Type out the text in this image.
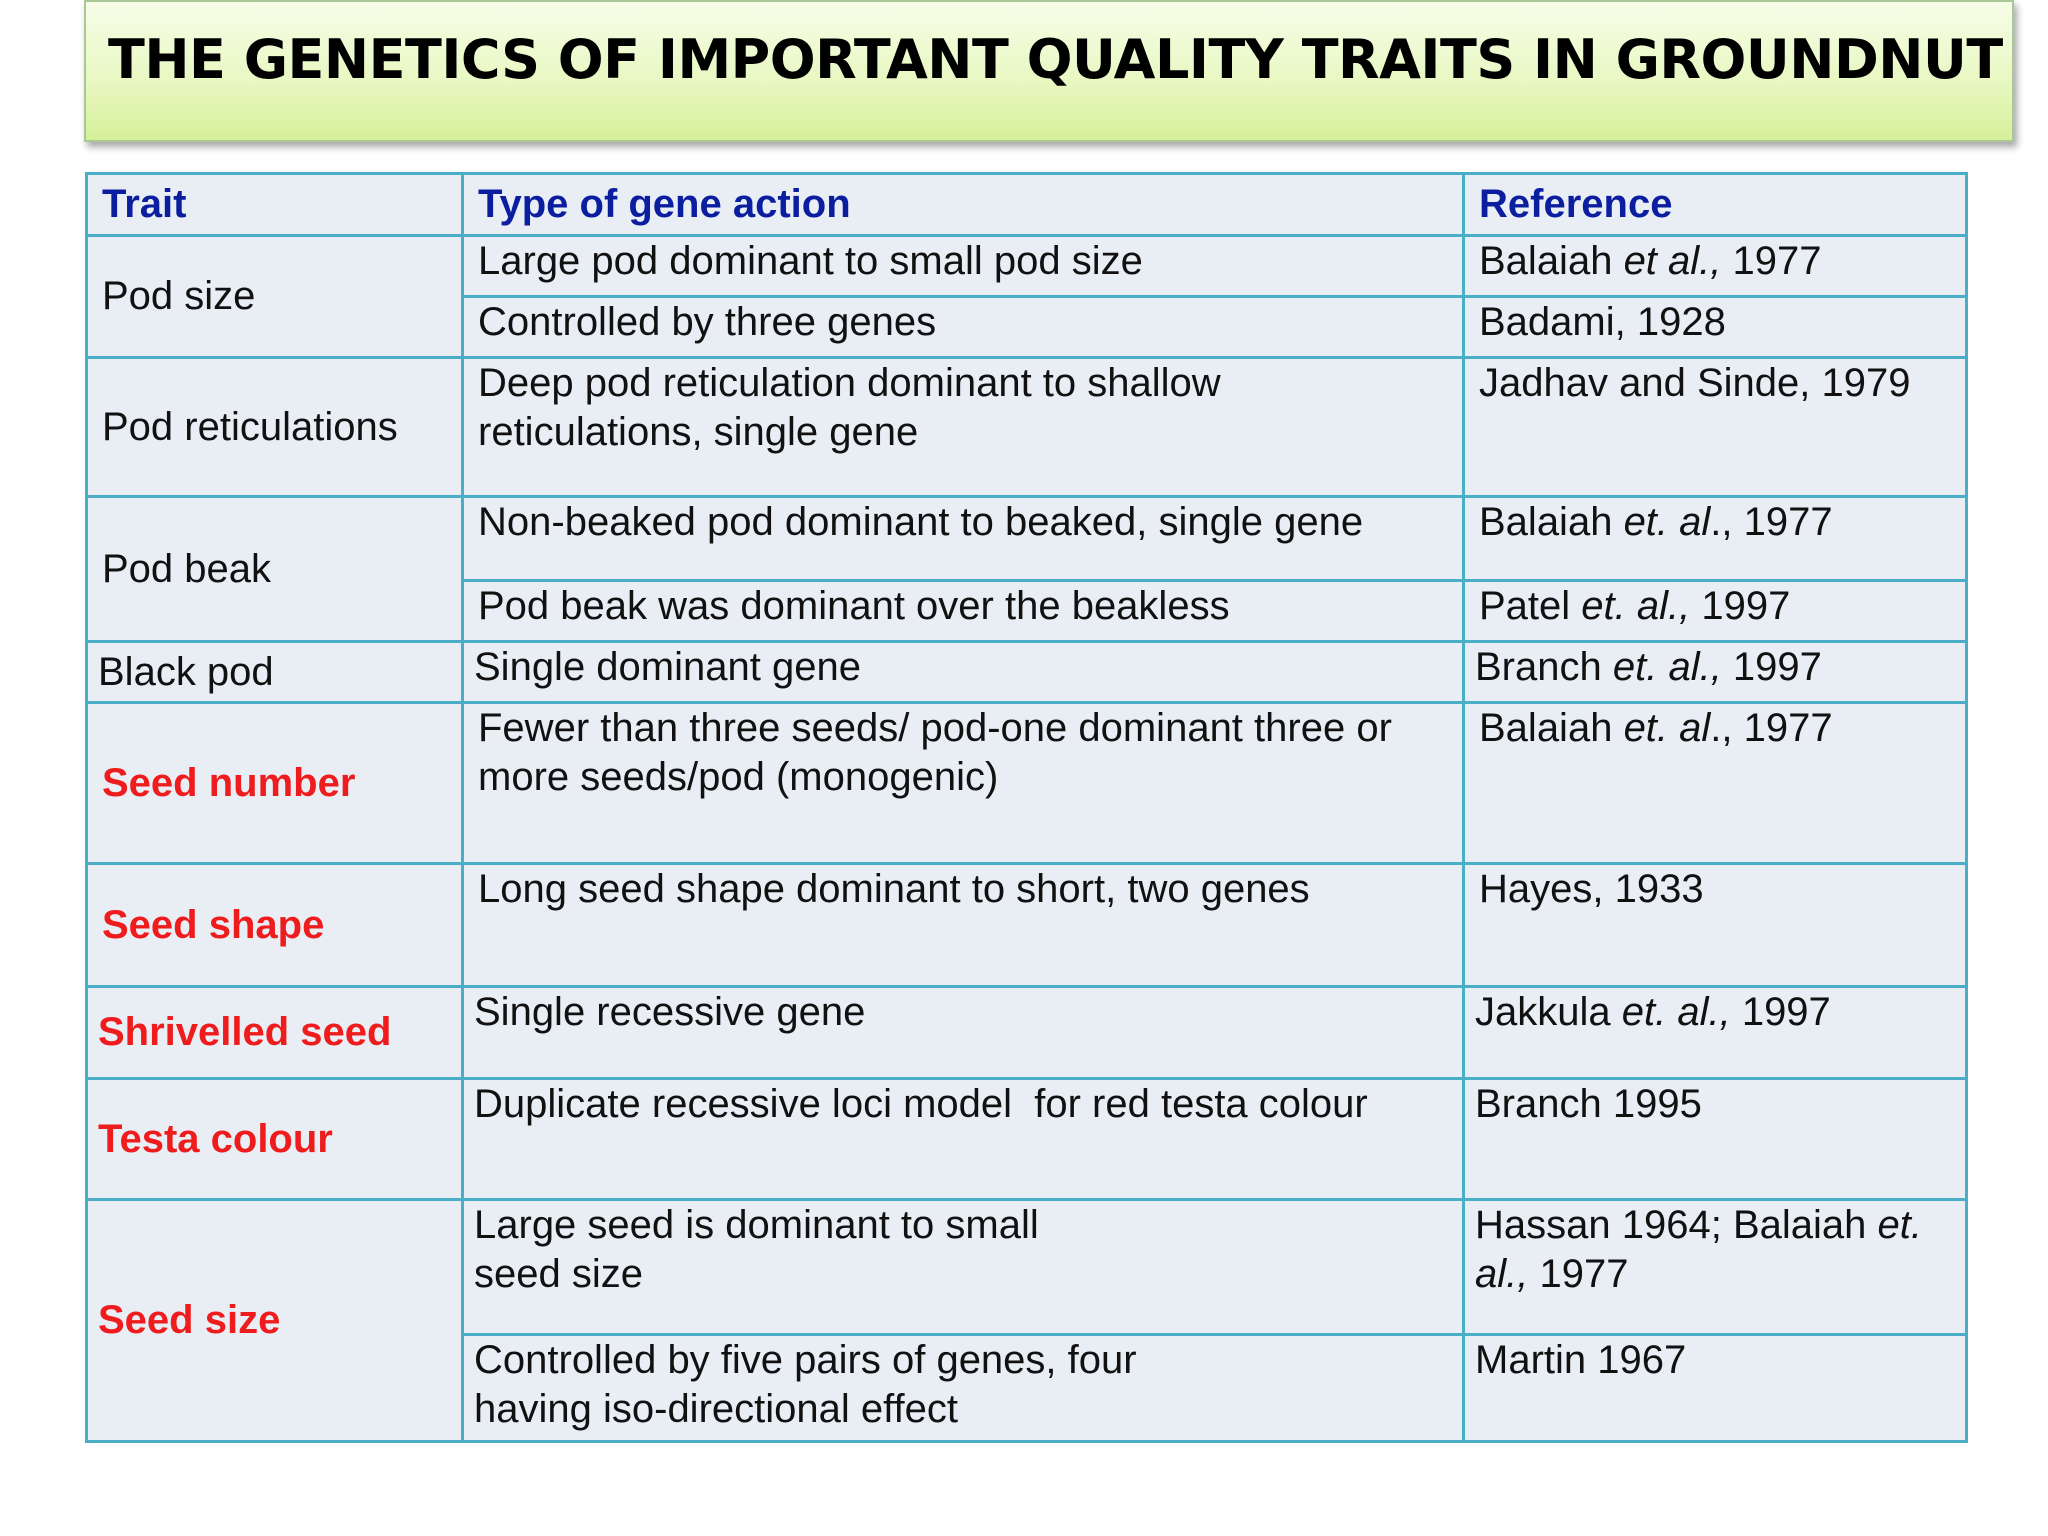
THE GENETICS OF IMPORTANT QUALITY TRAITS IN GROUNDNUT
Trait	Type of gene action	Reference
Pod size	Large pod dominant to small pod size	Balaiah et al., 1977
	Controlled by three genes	Badami, 1928
Pod reticulations	Deep pod reticulation dominant to shallow reticulations, single gene	Jadhav and Sinde, 1979
Pod beak	Non-beaked pod dominant to beaked, single gene	Balaiah et. al., 1977
	Pod beak was dominant over the beakless	Patel et. al., 1997
Black pod	Single dominant gene	Branch et. al., 1997
Seed number	Fewer than three seeds/ pod-one dominant three or more seeds/pod (monogenic)	Balaiah et. al., 1977
Seed shape	Long seed shape dominant to short, two genes	Hayes, 1933
Shrivelled seed	Single recessive gene	Jakkula et. al., 1997
Testa colour	Duplicate recessive loci model  for red testa colour	Branch 1995
Seed size	Large seed is dominant to small seed size	Hassan 1964; Balaiah et. al., 1977
	Controlled by five pairs of genes, four having iso-directional effect	Martin 1967
